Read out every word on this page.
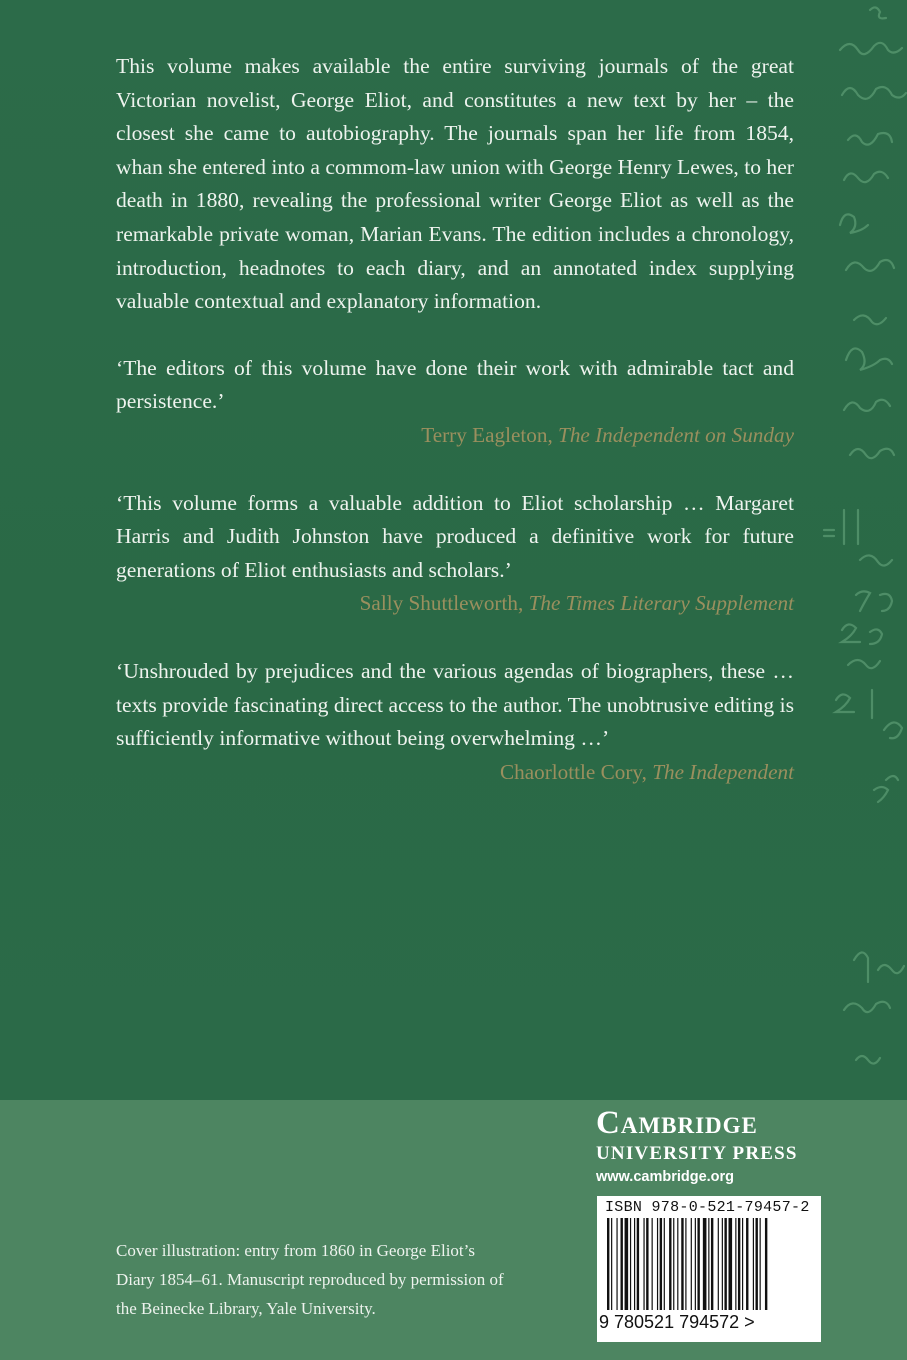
This volume makes available the entire surviving journals of the great Victorian novelist, George Eliot, and constitutes a new text by her – the closest she came to autobiography. The journals span her life from 1854, whan she entered into a commom-law union with George Henry Lewes, to her death in 1880, revealing the professional writer George Eliot as well as the remarkable private woman, Marian Evans. The edition includes a chronology, introduction, headnotes to each diary, and an annotated index supplying valuable contextual and explanatory information.

‘The editors of this volume have done their work with admirable tact and persistence.’

Terry Eagleton, The Independent on Sunday

‘This volume forms a valuable addition to Eliot scholarship … Margaret Harris and Judith Johnston have produced a definitive work for future generations of Eliot enthusiasts and scholars.’

Sally Shuttleworth, The Times Literary Supplement

‘Unshrouded by prejudices and the various agendas of biographers, these … texts provide fascinating direct access to the author. The unobtrusive editing is sufficiently informative without being overwhelming …’

Chaorlottle Cory, The Independent

Cover illustration: entry from 1860 in George Eliot’s Diary 1854–61. Manuscript reproduced by permission of the Beinecke Library, Yale University.
Cambridge
UNIVERSITY PRESS
www.cambridge.org
ISBN 978-0-521-79457-2
9 780521 794572 >
